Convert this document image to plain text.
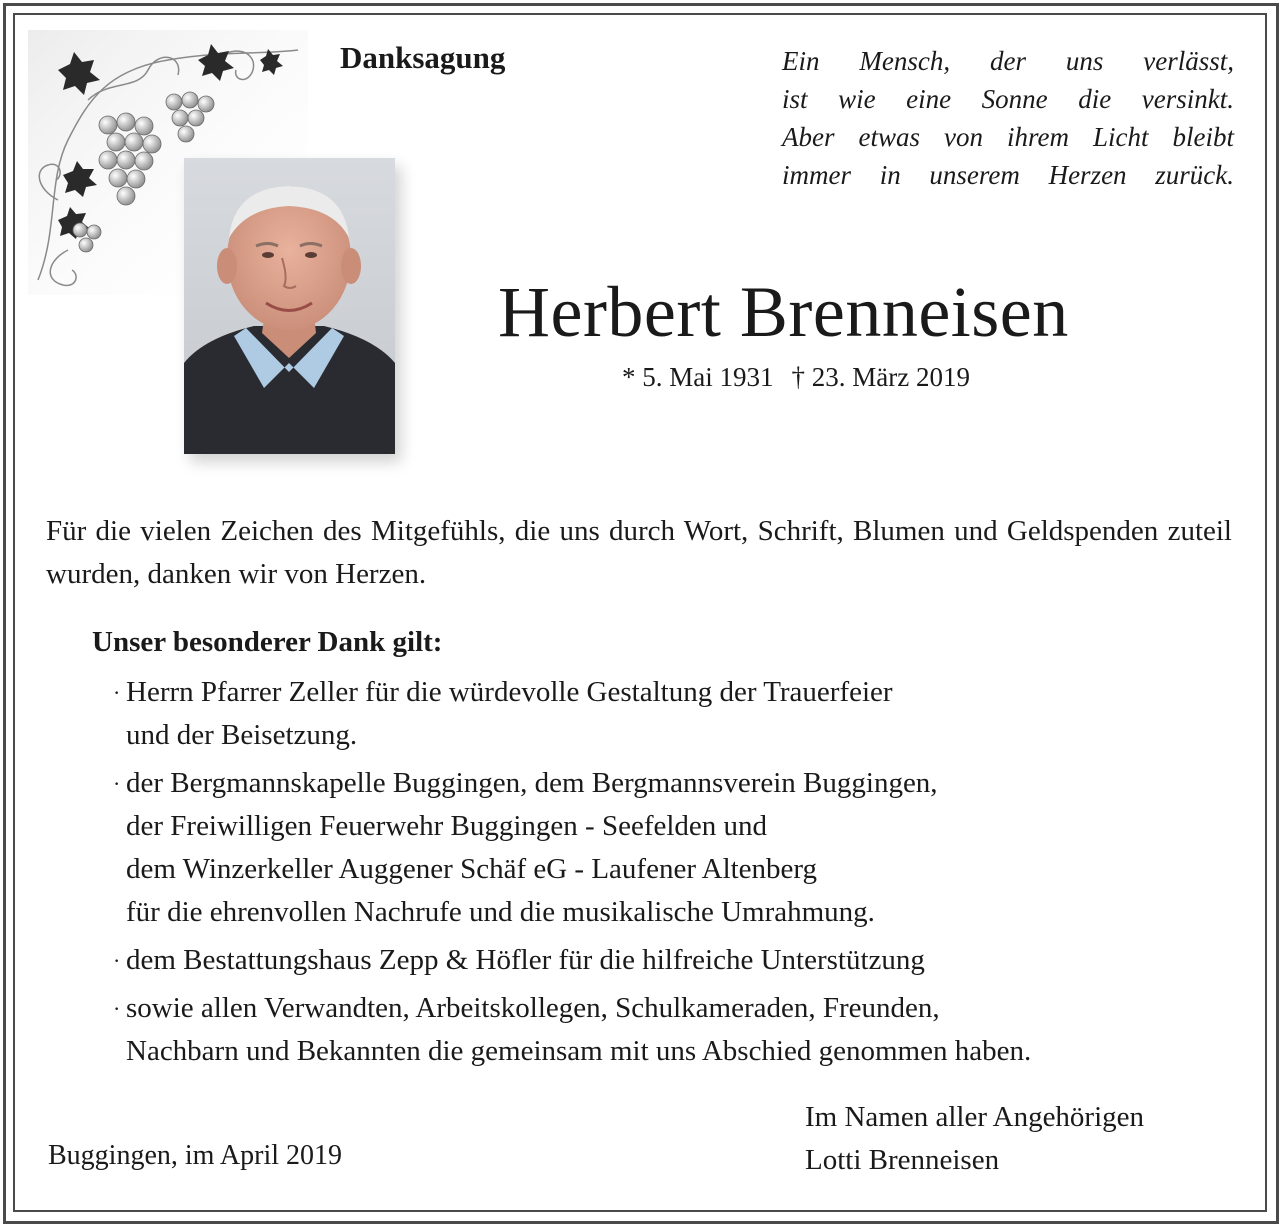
Danksagung	Ein Mensch, der uns verlässt,
ist wie eine Sonne die versinkt.
Aber etwas von ihrem Licht bleibt
immer in unserem Herzen zurück.
Herbert Brenneisen
* 5. Mai 1931 † 23. März 2019
Für die vielen Zeichen des Mitgefühls, die uns durch Wort, Schrift, Blumen und Geldspenden zuteil wurden, danken wir von Herzen.
Unser besonderer Dank gilt:
· Herrn Pfarrer Zeller für die würdevolle Gestaltung der Trauerfeier
und der Beisetzung.
· der Bergmannskapelle Buggingen, dem Bergmannsverein Buggingen,
der Freiwilligen Feuerwehr Buggingen - Seefelden und
dem Winzerkeller Auggener Schäf eG - Laufener Altenberg
für die ehrenvollen Nachrufe und die musikalische Umrahmung.
· dem Bestattungshaus Zepp & Höfler für die hilfreiche Unterstützung
· sowie allen Verwandten, Arbeitskollegen, Schulkameraden, Freunden,
Nachbarn und Bekannten die gemeinsam mit uns Abschied genommen haben.
Buggingen, im April 2019
Im Namen aller Angehörigen
Lotti Brenneisen
